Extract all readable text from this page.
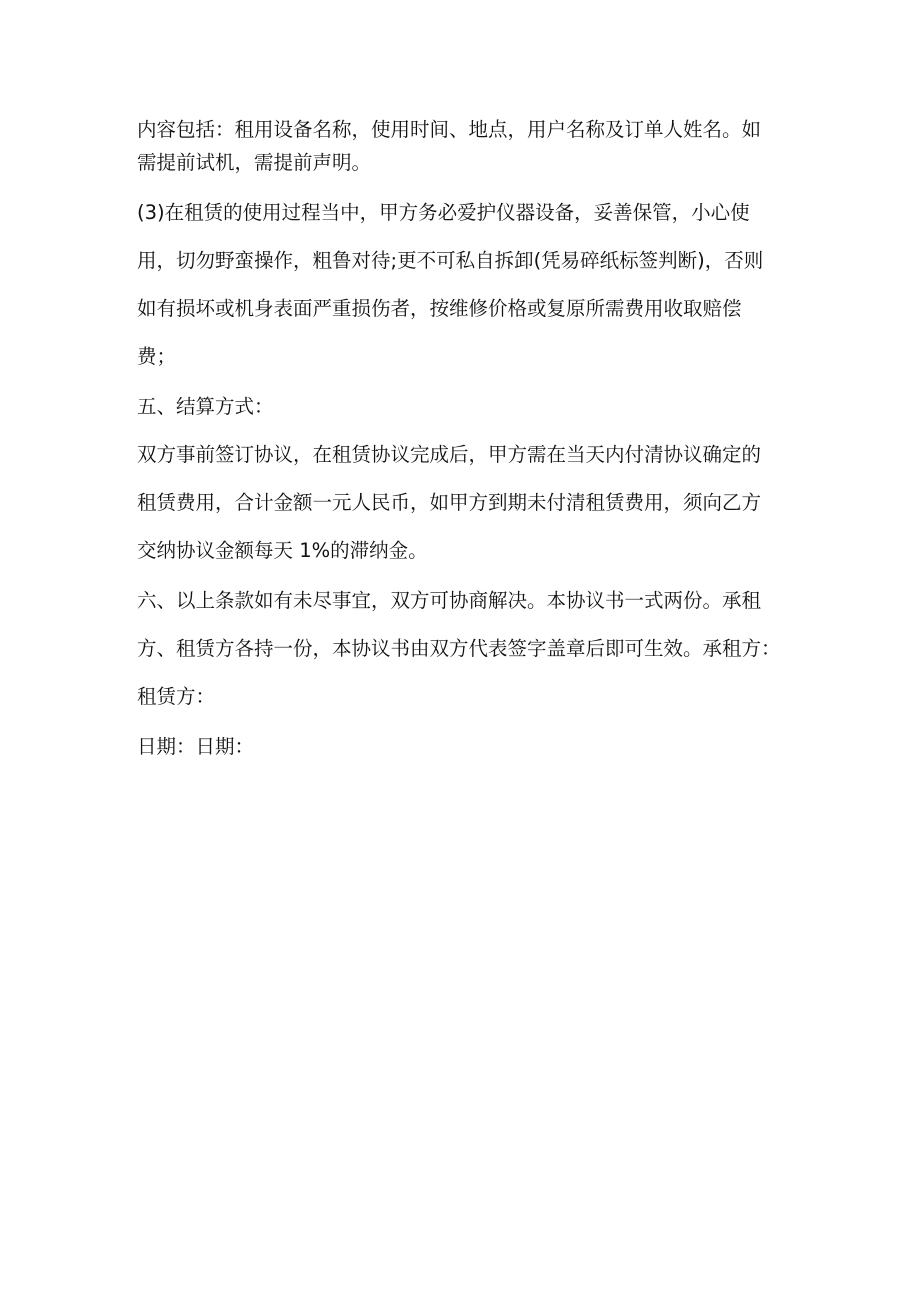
内容包括：租用设备名称，使用时间、地点，用户名称及订单人姓名。如
需提前试机，需提前声明。
(3)在租赁的使用过程当中，甲方务必爱护仪器设备，妥善保管，小心使
用，切勿野蛮操作，粗鲁对待;更不可私自拆卸(凭易碎纸标签判断)，否则
如有损坏或机身表面严重损伤者，按维修价格或复原所需费用收取赔偿
费；
五、结算方式：
双方事前签订协议，在租赁协议完成后，甲方需在当天内付清协议确定的
租赁费用，合计金额一元人民币，如甲方到期未付清租赁费用，须向乙方
交纳协议金额每天 1%的滞纳金。
六、以上条款如有未尽事宜，双方可协商解决。本协议书一式两份。承租
方、租赁方各持一份，本协议书由双方代表签字盖章后即可生效。承租方：
租赁方：
日期：日期：
